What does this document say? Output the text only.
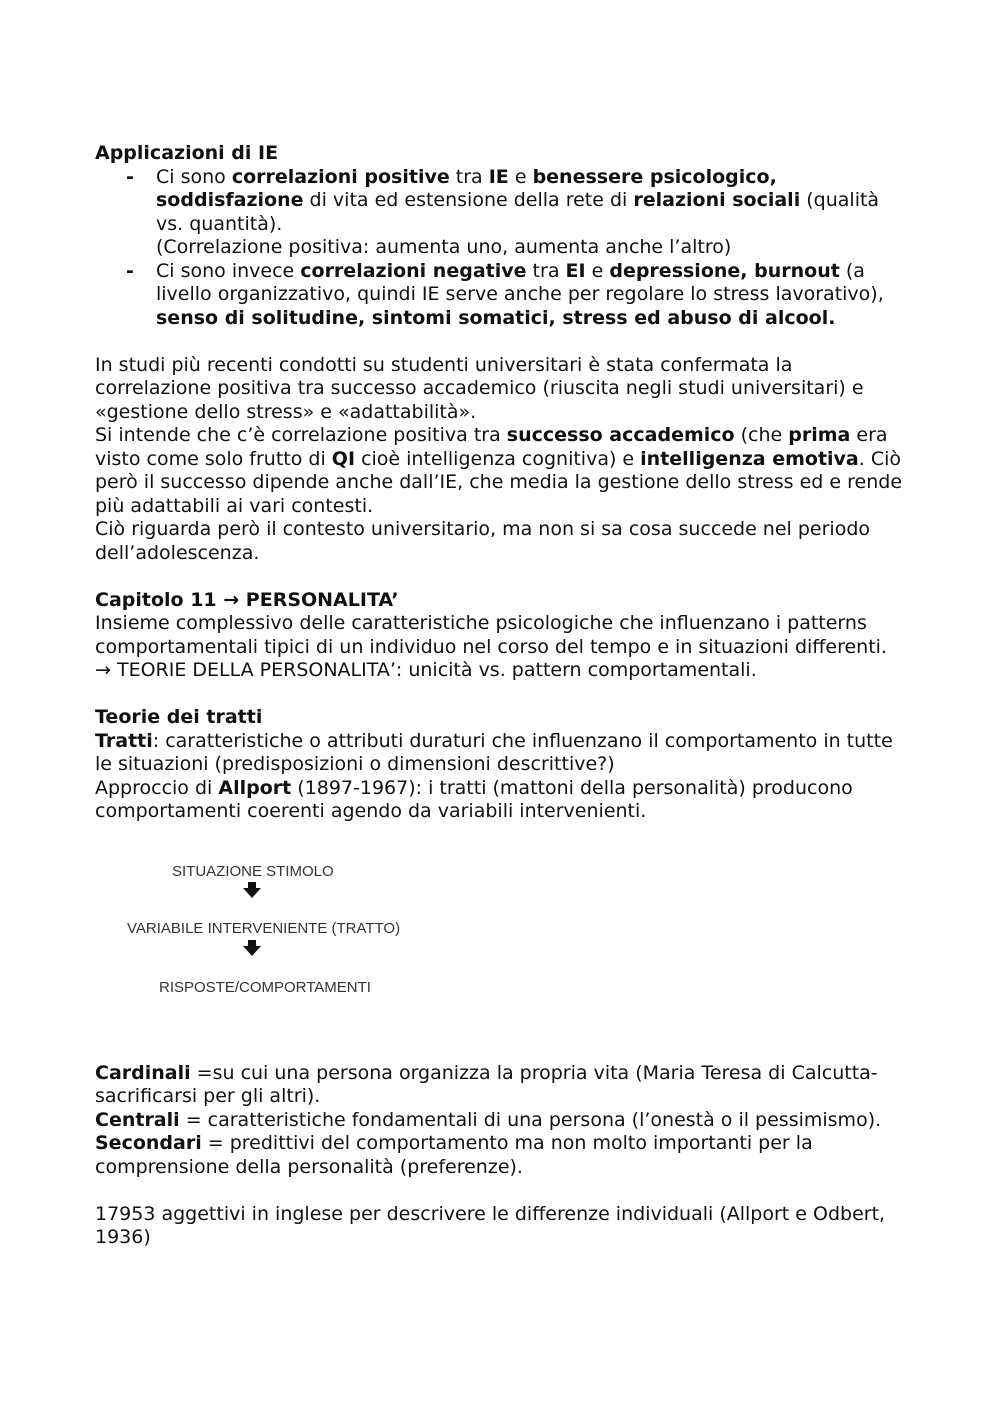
Applicazioni di IE

- Ci sono correlazioni positive tra IE e benessere psicologico, soddisfazione di vita ed estensione della rete di relazioni sociali (qualità vs. quantità).

(Correlazione positiva: aumenta uno, aumenta anche l’altro)

- Ci sono invece correlazioni negative tra EI e depressione, burnout (a livello organizzativo, quindi IE serve anche per regolare lo stress lavorativo), senso di solitudine, sintomi somatici, stress ed abuso di alcool.

In studi più recenti condotti su studenti universitari è stata confermata la correlazione positiva tra successo accademico (riuscita negli studi universitari) e «gestione dello stress» e «adattabilità».

Si intende che c’è correlazione positiva tra successo accademico (che prima era visto come solo frutto di QI cioè intelligenza cognitiva) e intelligenza emotiva. Ciò però il successo dipende anche dall’IE, che media la gestione dello stress ed e rende più adattabili ai vari contesti.

Ciò riguarda però il contesto universitario, ma non si sa cosa succede nel periodo dell’adolescenza.

Capitolo 11 → PERSONALITA’

Insieme complessivo delle caratteristiche psicologiche che influenzano i patterns comportamentali tipici di un individuo nel corso del tempo e in situazioni differenti.

→ TEORIE DELLA PERSONALITA’: unicità vs. pattern comportamentali.

Teorie dei tratti

Tratti: caratteristiche o attributi duraturi che influenzano il comportamento in tutte le situazioni (predisposizioni o dimensioni descrittive?)

Approccio di Allport (1897-1967): i tratti (mattoni della personalità) producono comportamenti coerenti agendo da variabili intervenienti.

SITUAZIONE STIMOLO
VARIABILE INTERVENIENTE (TRATTO)
RISPOSTE/COMPORTAMENTI

Cardinali =su cui una persona organizza la propria vita (Maria Teresa di Calcutta-sacrificarsi per gli altri).

Centrali = caratteristiche fondamentali di una persona (l’onestà o il pessimismo).

Secondari = predittivi del comportamento ma non molto importanti per la comprensione della personalità (preferenze).

17953 aggettivi in inglese per descrivere le differenze individuali (Allport e Odbert, 1936)
